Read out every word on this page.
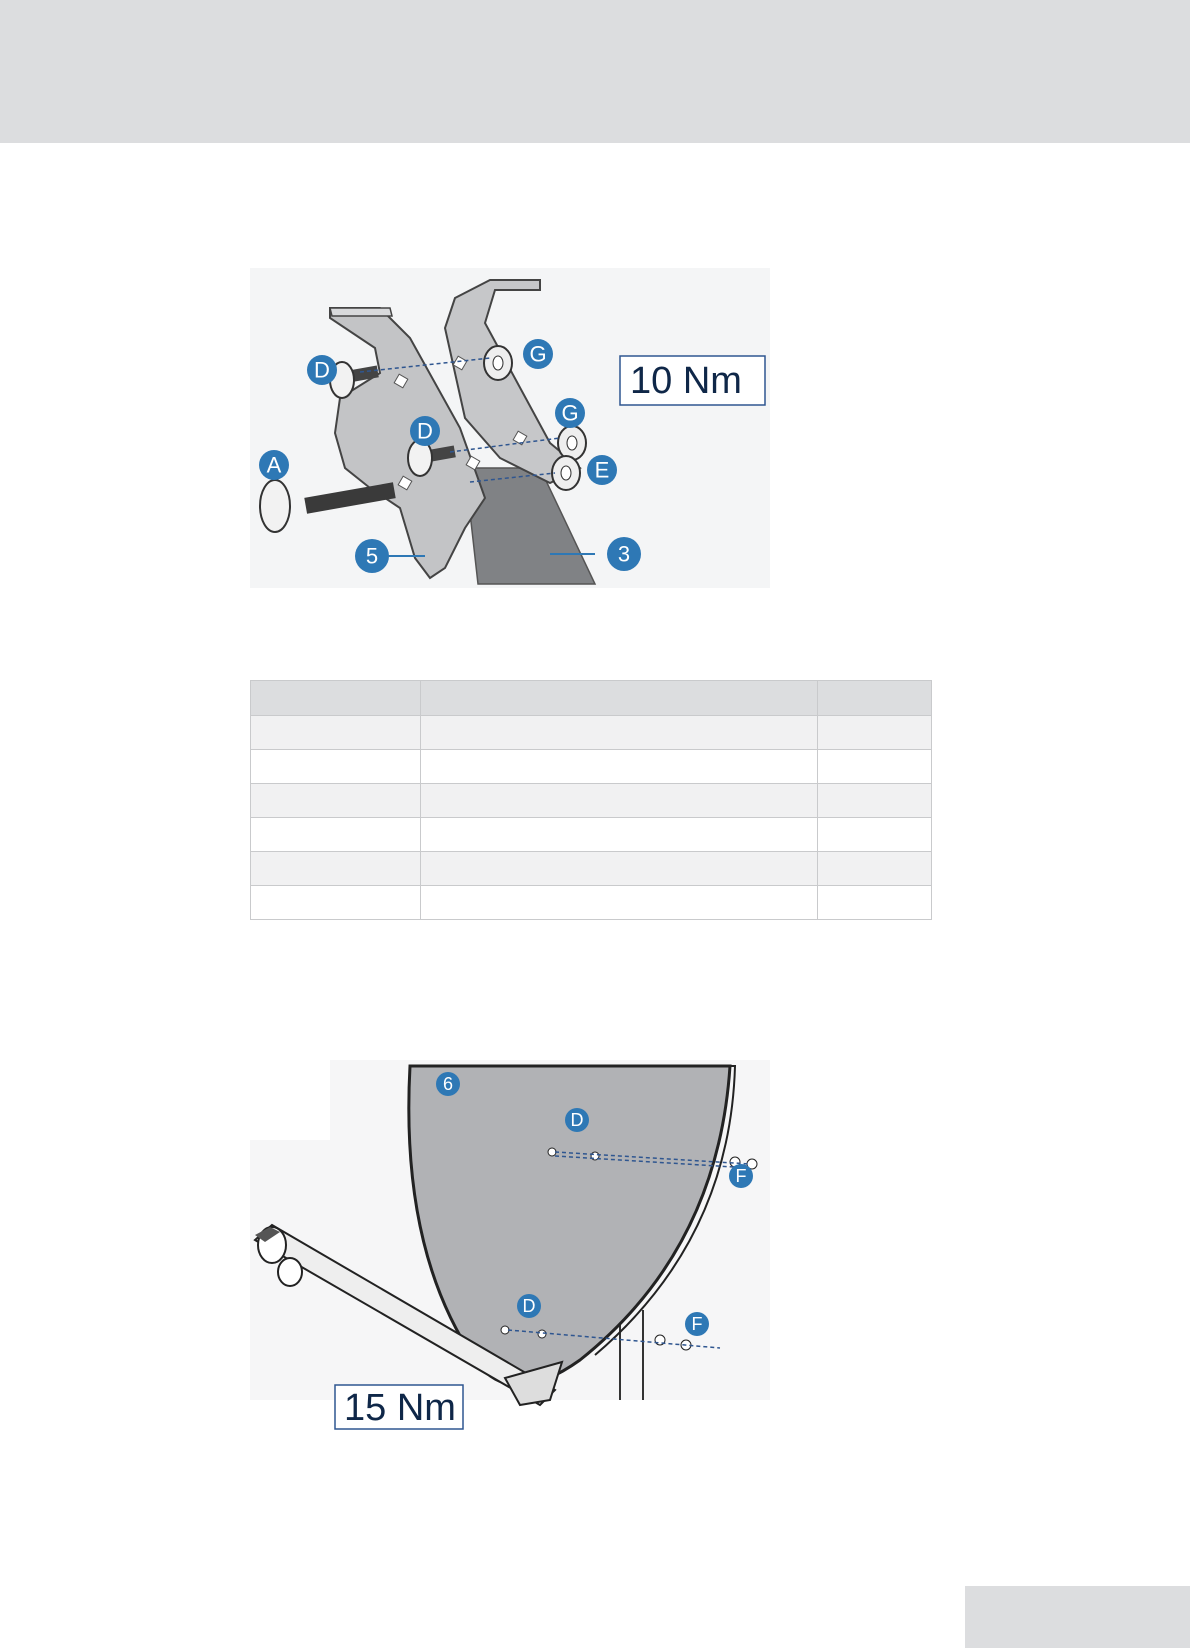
D
G
G
D
E
A
5	3
10 Nm

6
D
F
D
F
15 Nm
